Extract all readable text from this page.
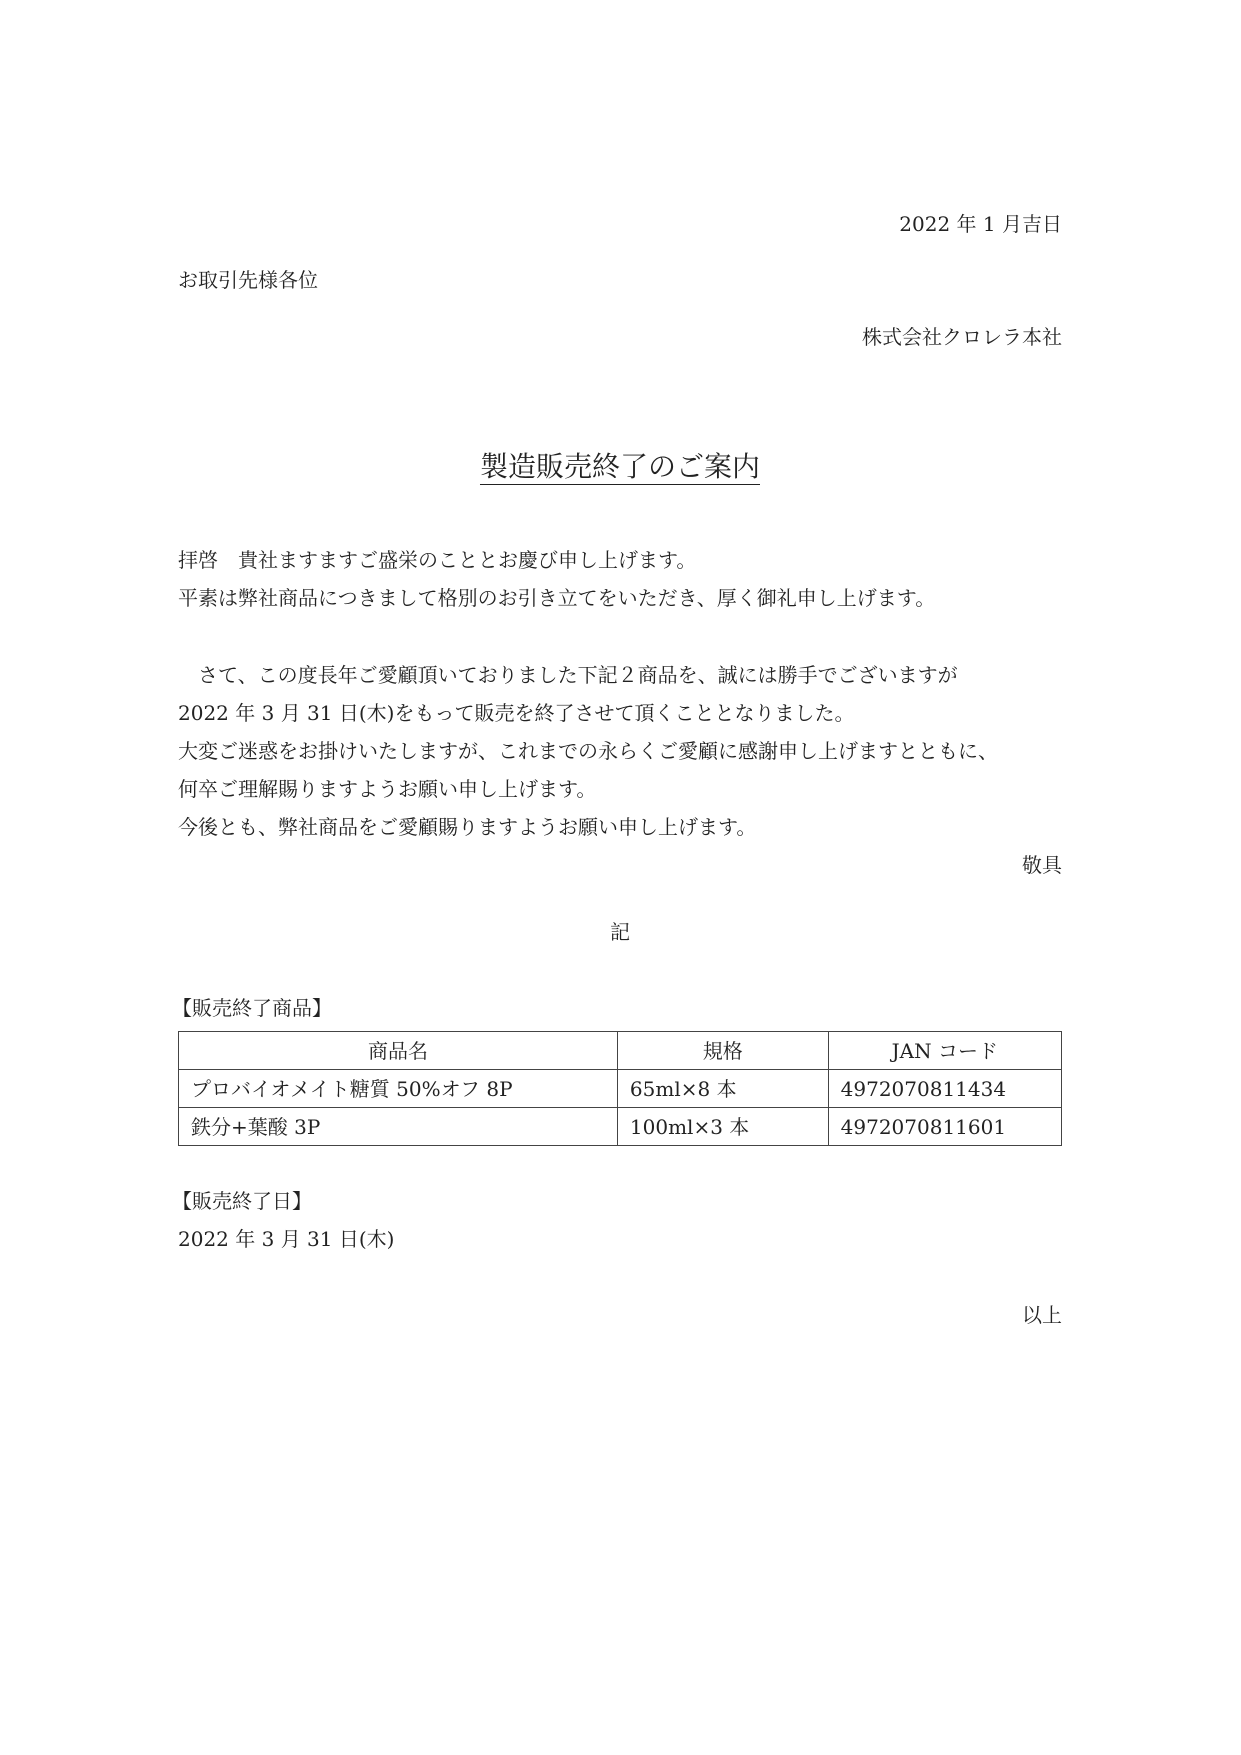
2022 年 1 月吉日
お取引先様各位
株式会社クロレラ本社
製造販売終了のご案内
拝啓　貴社ますますご盛栄のこととお慶び申し上げます。
平素は弊社商品につきまして格別のお引き立てをいただき、厚く御礼申し上げます。
　さて、この度長年ご愛顧頂いておりました下記２商品を、誠には勝手でございますが
2022 年 3 月 31 日(木)をもって販売を終了させて頂くこととなりました。
大変ご迷惑をお掛けいたしますが、これまでの永らくご愛顧に感謝申し上げますとともに、
何卒ご理解賜りますようお願い申し上げます。
今後とも、弊社商品をご愛顧賜りますようお願い申し上げます。
敬具
記
【販売終了商品】
商品名	規格	JAN コード
プロバイオメイト糖質 50%オフ 8P	65ml×8 本	4972070811434
鉄分+葉酸 3P	100ml×3 本	4972070811601
【販売終了日】
2022 年 3 月 31 日(木)
以上
